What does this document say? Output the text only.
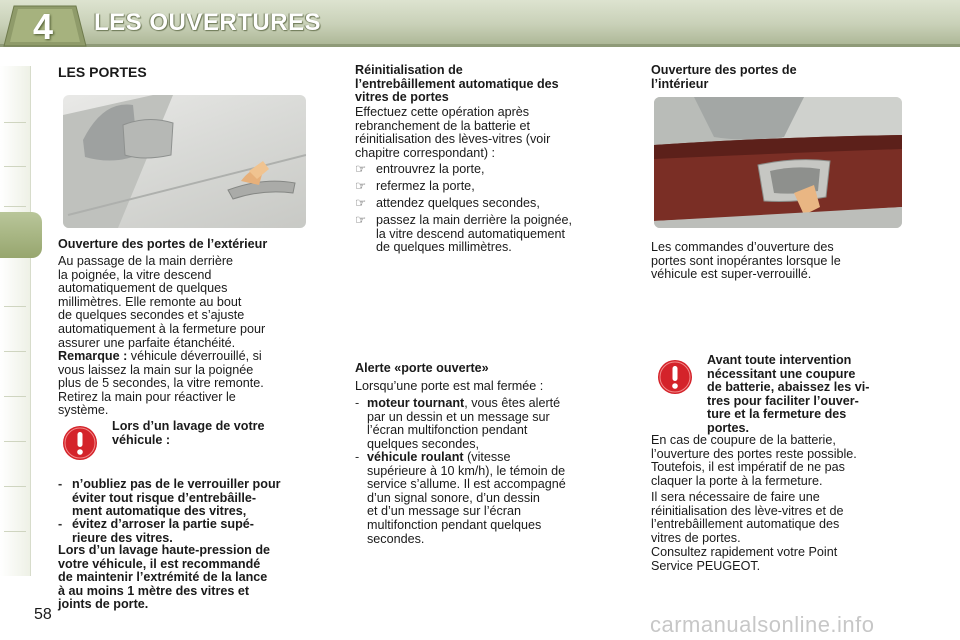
4	LES OUVERTURES
LES PORTES
Ouverture des portes de l’extérieur
Au passage de la main derrière
la poignée, la vitre descend
automatiquement de quelques
millimètres. Elle remonte au bout
de quelques secondes et s’ajuste
automatiquement à la fermeture pour
assurer une parfaite étanchéité.
Remarque : véhicule déverrouillé, si
vous laissez la main sur la poignée
plus de 5 secondes, la vitre remonte.
Retirez la main pour réactiver le
système.
Lors d’un lavage de votre
véhicule :
- n’oubliez pas de le verrouiller pour
éviter tout risque d’entrebâille-
ment automatique des vitres,
- évitez d’arroser la partie supé-
rieure des vitres.
Lors d’un lavage haute-pression de
votre véhicule, il est recommandé
de maintenir l’extrémité de la lance
à au moins 1 mètre des vitres et
joints de porte.
Réinitialisation de
l’entrebâillement automatique des
vitres de portes
Effectuez cette opération après
rebranchement de la batterie et
réinitialisation des lèves-vitres (voir
chapitre correspondant) :
☞ entrouvrez la porte,
☞ refermez la porte,
☞ attendez quelques secondes,
☞ passez la main derrière la poignée,
la vitre descend automatiquement
de quelques millimètres.
Alerte «porte ouverte»
Lorsqu’une porte est mal fermée :
- moteur tournant, vous êtes alerté
par un dessin et un message sur
l’écran multifonction pendant
quelques secondes,
- véhicule roulant (vitesse
supérieure à 10 km/h), le témoin de
service s’allume. Il est accompagné
d’un signal sonore, d’un dessin
et d’un message sur l’écran
multifonction pendant quelques
secondes.
Ouverture des portes de
l’intérieur
Les commandes d’ouverture des
portes sont inopérantes lorsque le
véhicule est super-verrouillé.
Avant toute intervention
nécessitant une coupure
de batterie, abaissez les vi-
tres pour faciliter l’ouver-
ture et la fermeture des
portes.
En cas de coupure de la batterie,
l’ouverture des portes reste possible.
Toutefois, il est impératif de ne pas
claquer la porte à la fermeture.
Il sera nécessaire de faire une
réinitialisation des lève-vitres et de
l’entrebâillement automatique des
vitres de portes.
Consultez rapidement votre Point
Service PEUGEOT.
58	carmanualsonline.info
